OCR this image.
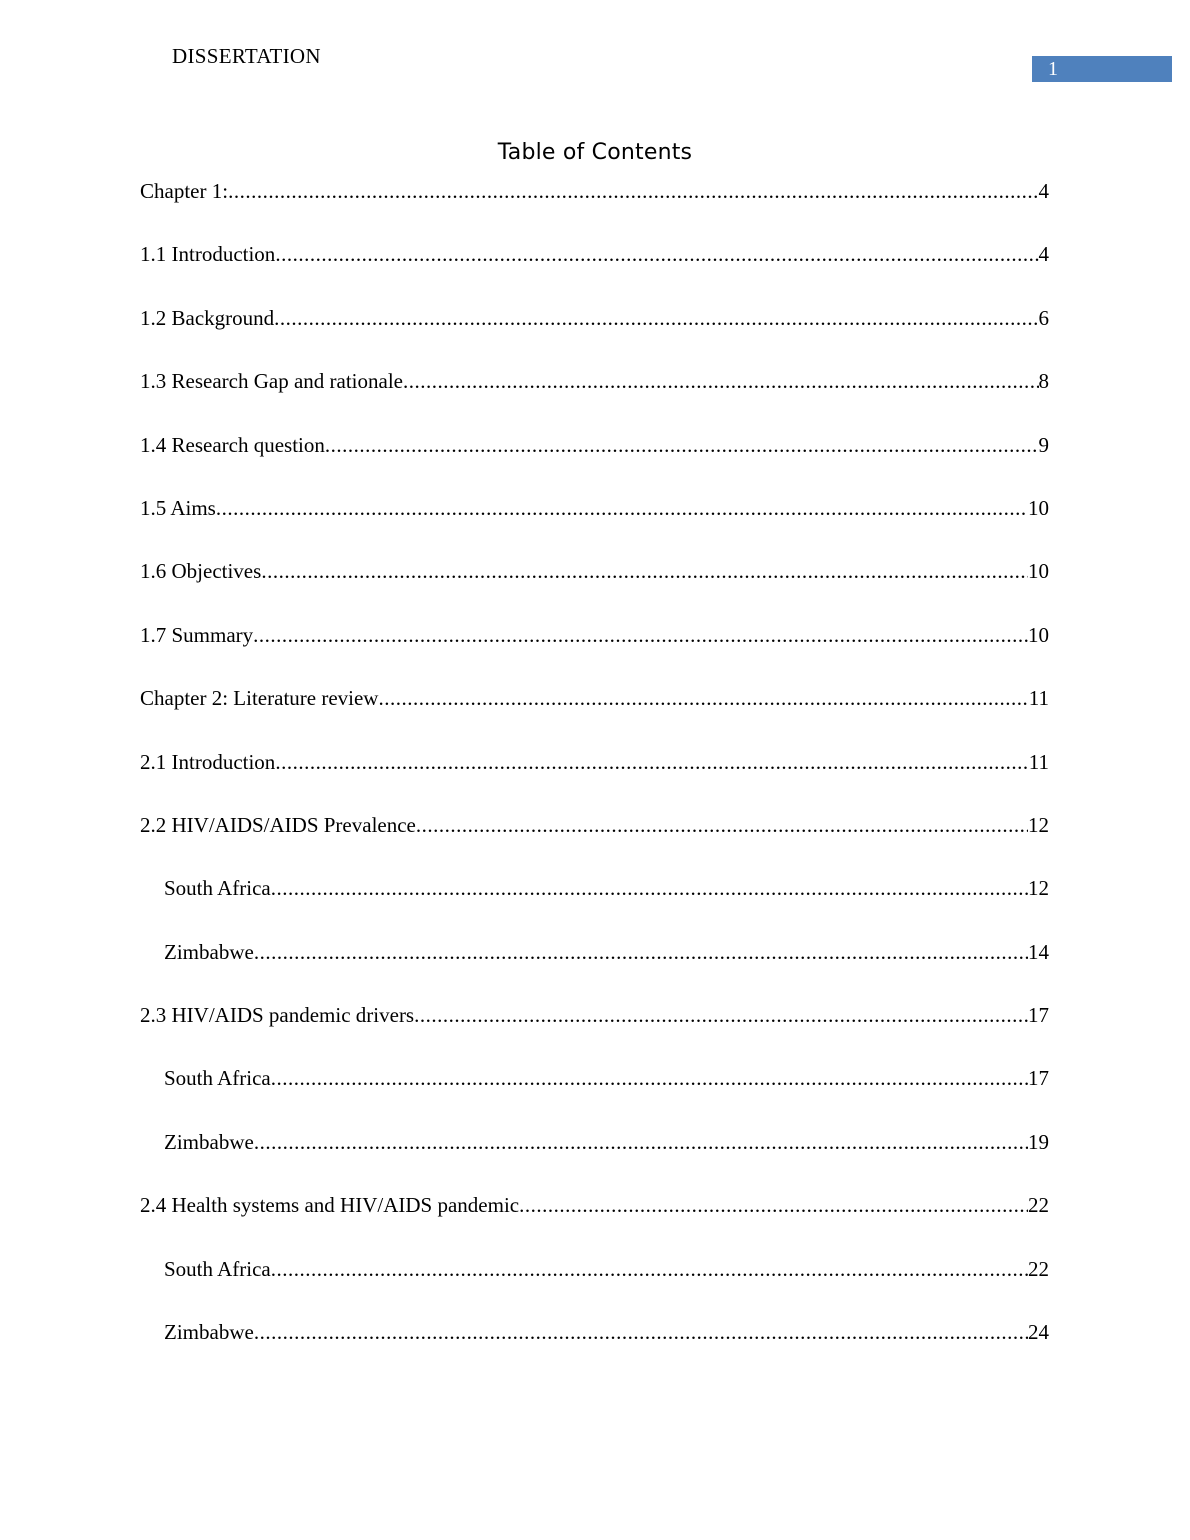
DISSERTATION
1
Table of Contents
Chapter 1: .....	4
1.1 Introduction .....	4
1.2 Background .....	6
1.3 Research Gap and rationale .....	8
1.4 Research question .....	9
1.5 Aims .....	10
1.6 Objectives .....	10
1.7 Summary .....	10
Chapter 2: Literature review .....	11
2.1 Introduction .....	11
2.2 HIV/AIDS/AIDS Prevalence .....	12
South Africa .....	12
Zimbabwe .....	14
2.3 HIV/AIDS pandemic drivers .....	17
South Africa .....	17
Zimbabwe .....	19
2.4 Health systems and HIV/AIDS pandemic .....	22
South Africa .....	22
Zimbabwe .....	24
